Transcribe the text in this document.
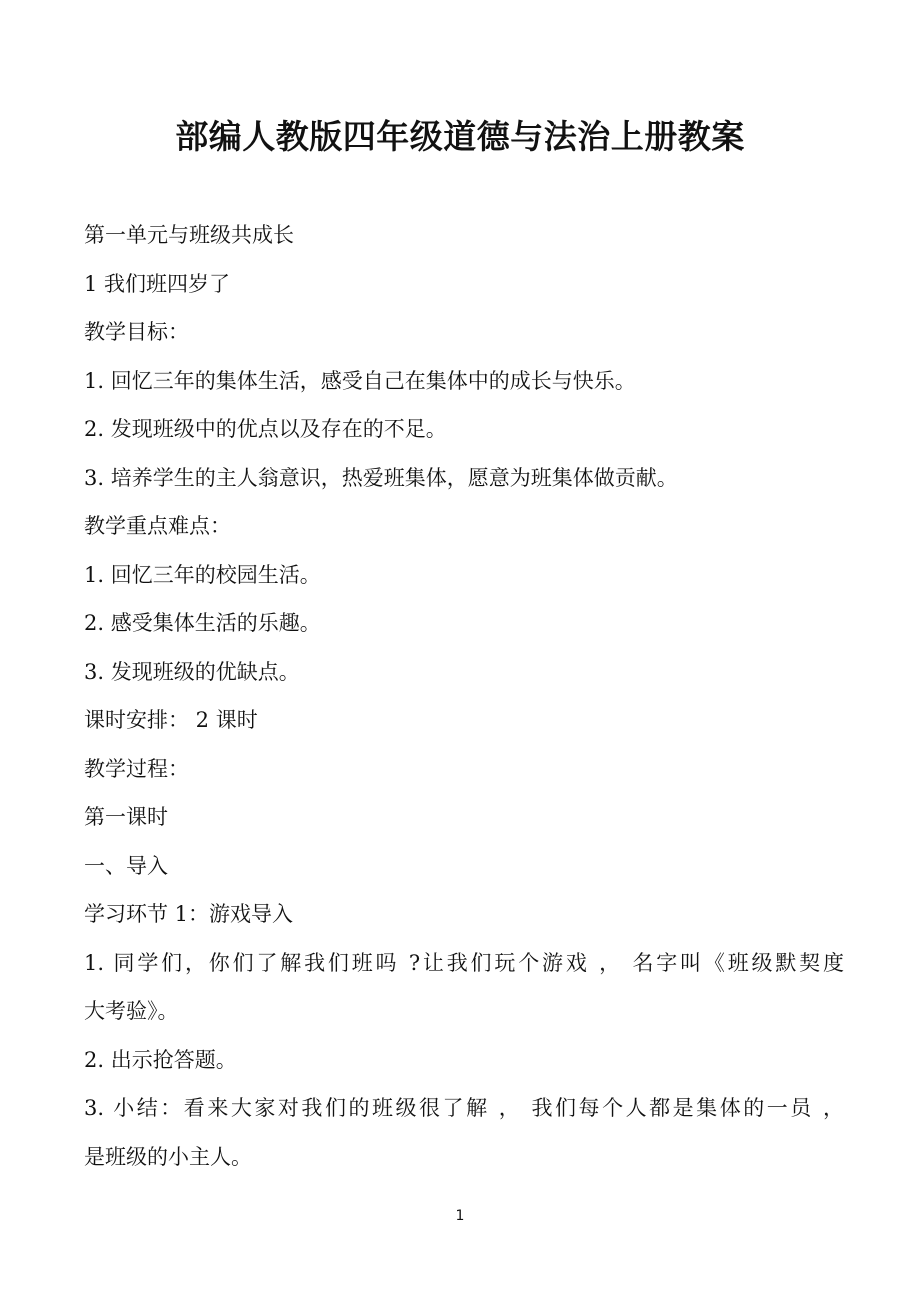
部编人教版四年级道德与法治上册教案

第一单元与班级共成长

1 我们班四岁了

教学目标：

1. 回忆三年的集体生活，感受自己在集体中的成长与快乐。

2. 发现班级中的优点以及存在的不足。

3. 培养学生的主人翁意识，热爱班集体，愿意为班集体做贡献。

教学重点难点：

1. 回忆三年的校园生活。

2. 感受集体生活的乐趣。

3. 发现班级的优缺点。

课时安排： 2 课时

教学过程：

第一课时

一、导入

学习环节 1：游戏导入

1. 同学们，你们了解我们班吗 ?让我们玩个游戏 ， 名字叫《班级默契度

大考验》。

2. 出示抢答题。

3. 小结：看来大家对我们的班级很了解 ， 我们每个人都是集体的一员 ，

是班级的小主人。

1
